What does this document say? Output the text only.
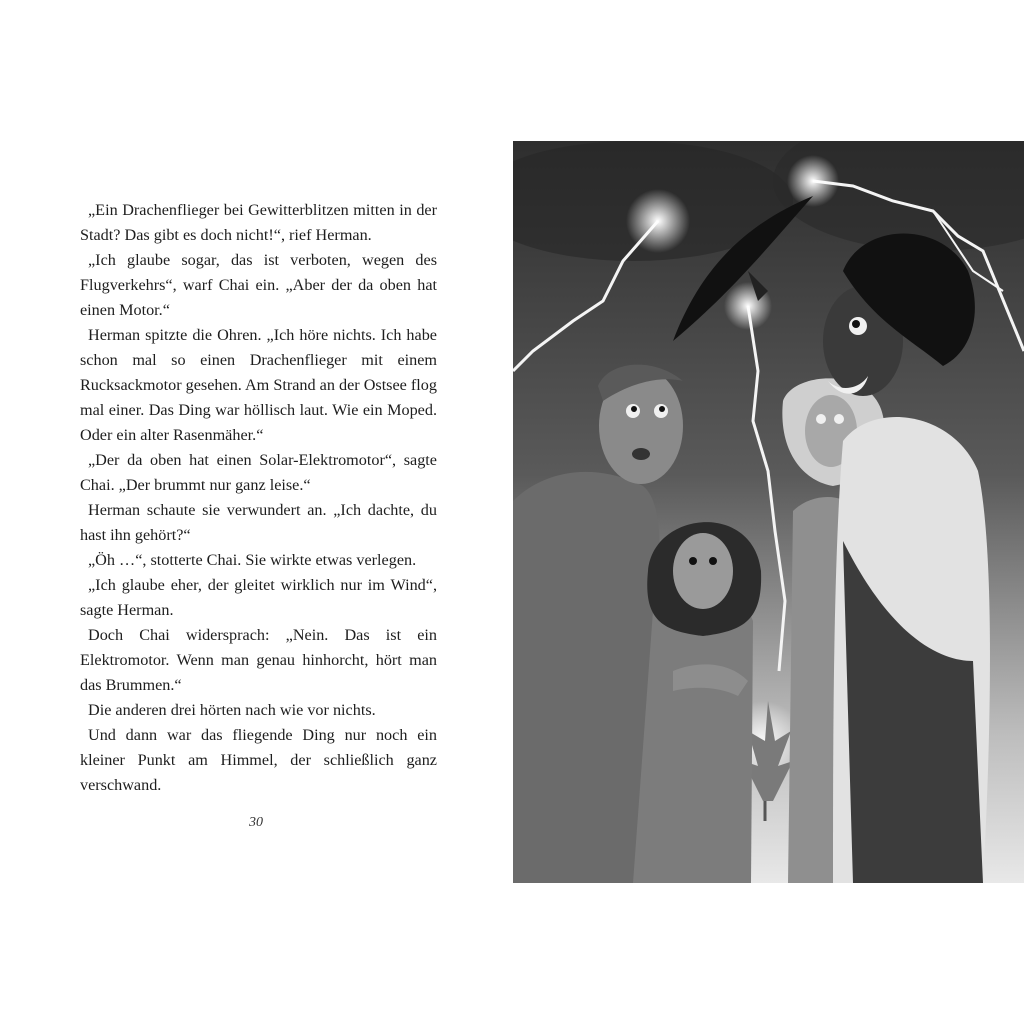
„Ein Drachenflieger bei Gewitterblitzen mitten in der Stadt? Das gibt es doch nicht!“, rief Herman.

„Ich glaube sogar, das ist verboten, wegen des Flugverkehrs“, warf Chai ein. „Aber der da oben hat einen Motor.“

Herman spitzte die Ohren. „Ich höre nichts. Ich habe schon mal so einen Drachenflieger mit einem Rucksackmotor gesehen. Am Strand an der Ostsee flog mal einer. Das Ding war höllisch laut. Wie ein Moped. Oder ein alter Rasenmäher.“

„Der da oben hat einen Solar-Elektromotor“, sagte Chai. „Der brummt nur ganz leise.“

Herman schaute sie verwundert an. „Ich dachte, du hast ihn gehört?“

„Öh …“, stotterte Chai. Sie wirkte etwas verlegen.

„Ich glaube eher, der gleitet wirklich nur im Wind“, sagte Herman.

Doch Chai widersprach: „Nein. Das ist ein Elektromotor. Wenn man genau hinhorcht, hört man das Brummen.“

Die anderen drei hörten nach wie vor nichts.

Und dann war das fliegende Ding nur noch ein kleiner Punkt am Himmel, der schließlich ganz verschwand.

30
